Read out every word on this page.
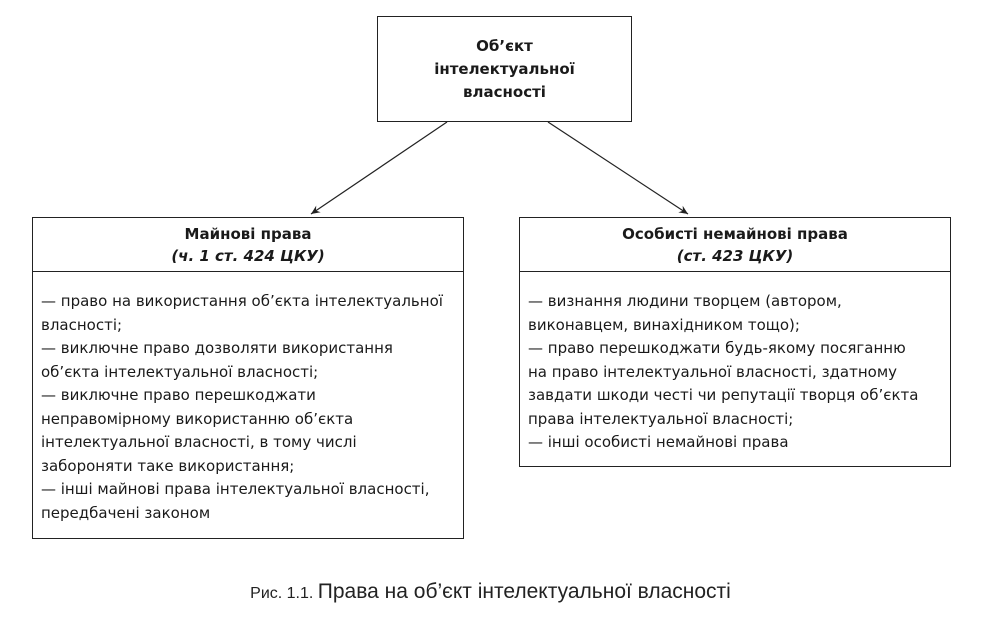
Об’єкт
інтелектуальної
власності
Майнові права
(ч. 1 ст. 424 ЦКУ)
— право на використання об’єкта інтелектуальної
власності;
— виключне право дозволяти використання
об’єкта інтелектуальної власності;
— виключне право перешкоджати
неправомірному використанню об’єкта
інтелектуальної власності, в тому числі
забороняти таке використання;
— інші майнові права інтелектуальної власності,
передбачені законом
Особисті немайнові права
(ст. 423 ЦКУ)
— визнання людини творцем (автором,
виконавцем, винахідником тощо);
— право перешкоджати будь-якому посяганню
на право інтелектуальної власності, здатному
завдати шкоди честі чи репутації творця об’єкта
права інтелектуальної власності;
— інші особисті немайнові права
Рис. 1.1. Права на об’єкт інтелектуальної власності
